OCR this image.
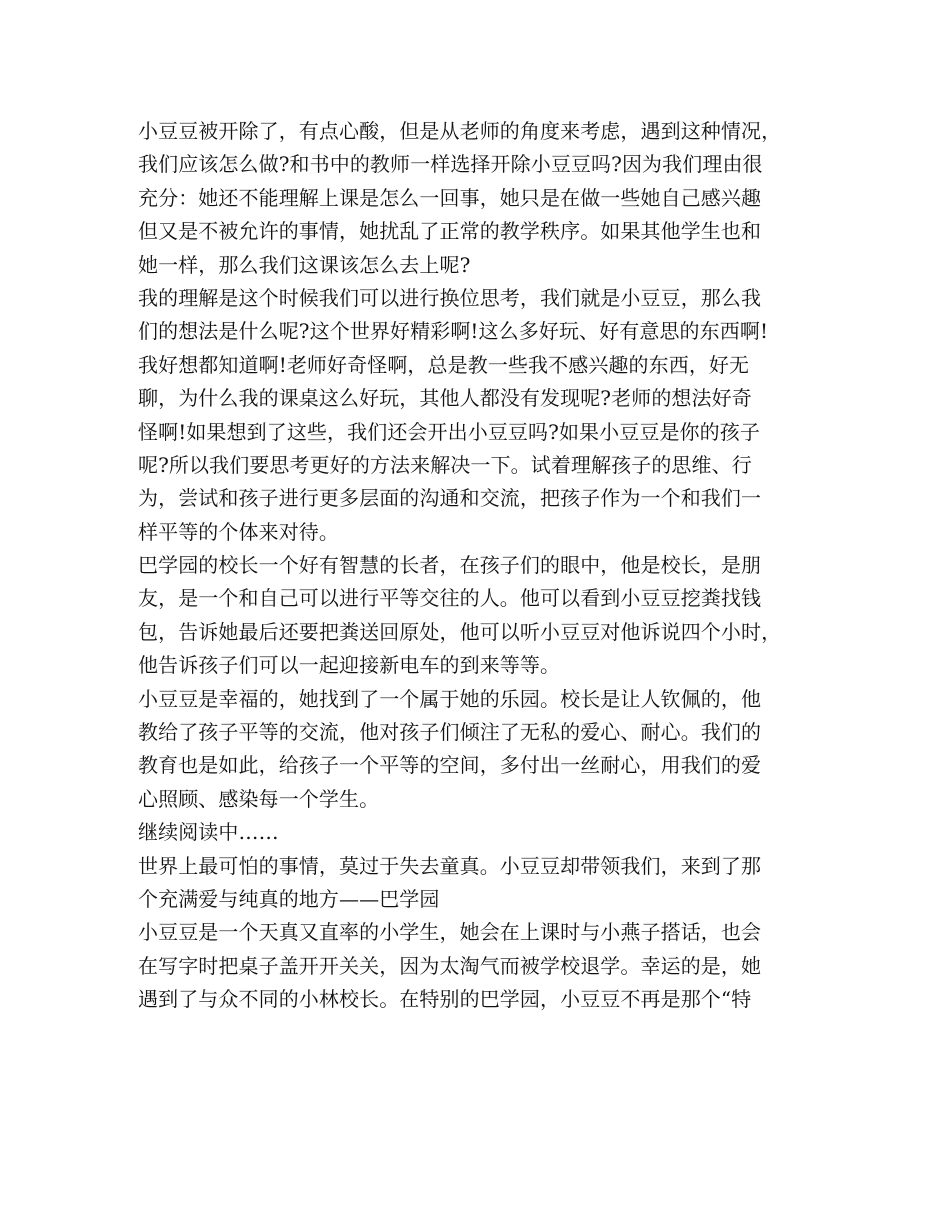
小豆豆被开除了，有点心酸，但是从老师的角度来考虑，遇到这种情况，

我们应该怎么做?和书中的教师一样选择开除小豆豆吗?因为我们理由很

充分：她还不能理解上课是怎么一回事，她只是在做一些她自己感兴趣

但又是不被允许的事情，她扰乱了正常的教学秩序。如果其他学生也和

她一样，那么我们这课该怎么去上呢?

我的理解是这个时候我们可以进行换位思考，我们就是小豆豆，那么我

们的想法是什么呢?这个世界好精彩啊!这么多好玩、好有意思的东西啊!

我好想都知道啊!老师好奇怪啊，总是教一些我不感兴趣的东西，好无

聊，为什么我的课桌这么好玩，其他人都没有发现呢?老师的想法好奇

怪啊!如果想到了这些，我们还会开出小豆豆吗?如果小豆豆是你的孩子

呢?所以我们要思考更好的方法来解决一下。试着理解孩子的思维、行

为，尝试和孩子进行更多层面的沟通和交流，把孩子作为一个和我们一

样平等的个体来对待。

巴学园的校长一个好有智慧的长者，在孩子们的眼中，他是校长，是朋

友，是一个和自己可以进行平等交往的人。他可以看到小豆豆挖粪找钱

包，告诉她最后还要把粪送回原处，他可以听小豆豆对他诉说四个小时，

他告诉孩子们可以一起迎接新电车的到来等等。

小豆豆是幸福的，她找到了一个属于她的乐园。校长是让人钦佩的，他

教给了孩子平等的交流，他对孩子们倾注了无私的爱心、耐心。我们的

教育也是如此，给孩子一个平等的空间，多付出一丝耐心，用我们的爱

心照顾、感染每一个学生。

继续阅读中……

世界上最可怕的事情，莫过于失去童真。小豆豆却带领我们，来到了那

个充满爱与纯真的地方——巴学园

小豆豆是一个天真又直率的小学生，她会在上课时与小燕子搭话，也会

在写字时把桌子盖开开关关，因为太淘气而被学校退学。幸运的是，她

遇到了与众不同的小林校长。在特别的巴学园，小豆豆不再是那个“特
